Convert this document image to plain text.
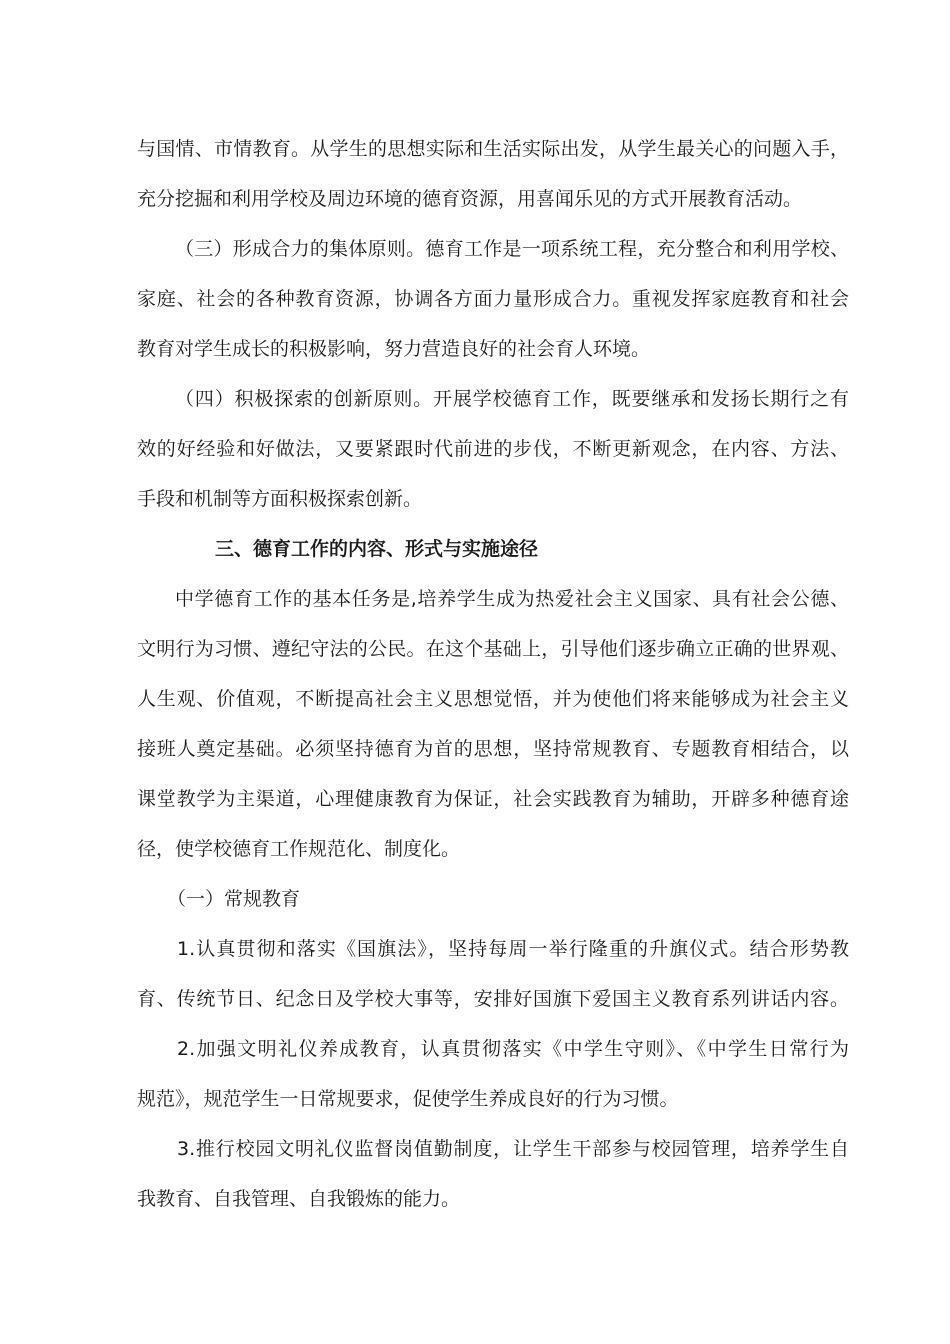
与国情、市情教育。从学生的思想实际和生活实际出发，从学生最关心的问题入手，
充分挖掘和利用学校及周边环境的德育资源，用喜闻乐见的方式开展教育活动。
（三）形成合力的集体原则。德育工作是一项系统工程，充分整合和利用学校、
家庭、社会的各种教育资源，协调各方面力量形成合力。重视发挥家庭教育和社会
教育对学生成长的积极影响，努力营造良好的社会育人环境。
（四）积极探索的创新原则。开展学校德育工作，既要继承和发扬长期行之有
效的好经验和好做法，又要紧跟时代前进的步伐，不断更新观念，在内容、方法、
手段和机制等方面积极探索创新。
三、德育工作的内容、形式与实施途径
中学德育工作的基本任务是,培养学生成为热爱社会主义国家、具有社会公德、
文明行为习惯、遵纪守法的公民。在这个基础上，引导他们逐步确立正确的世界观、
人生观、价值观，不断提高社会主义思想觉悟，并为使他们将来能够成为社会主义
接班人奠定基础。必须坚持德育为首的思想，坚持常规教育、专题教育相结合，以
课堂教学为主渠道，心理健康教育为保证，社会实践教育为辅助，开辟多种德育途
径，使学校德育工作规范化、制度化。
（一）常规教育
1.认真贯彻和落实《国旗法》，坚持每周一举行隆重的升旗仪式。结合形势教
育、传统节日、纪念日及学校大事等，安排好国旗下爱国主义教育系列讲话内容。
2.加强文明礼仪养成教育，认真贯彻落实《中学生守则》、《中学生日常行为
规范》，规范学生一日常规要求，促使学生养成良好的行为习惯。
3.推行校园文明礼仪监督岗值勤制度，让学生干部参与校园管理，培养学生自
我教育、自我管理、自我锻炼的能力。
